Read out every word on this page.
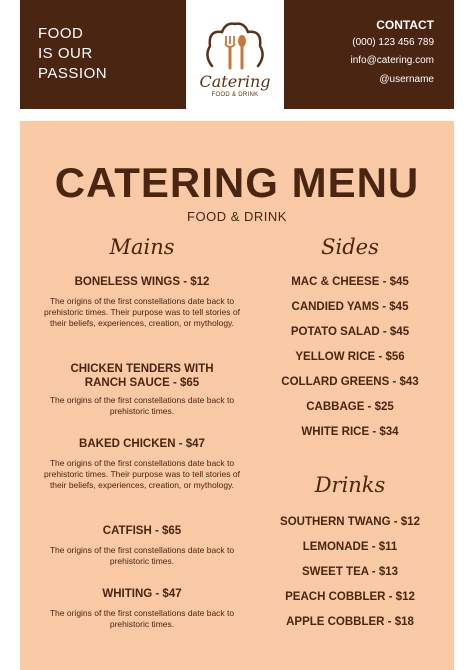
FOOD
IS OUR
PASSION	Catering
FOOD & DRINK
CONTACT
(000) 123 456 789
info@catering.com
@username
CATERING MENU
FOOD & DRINK
Mains
BONELESS WINGS - $12
The origins of the first constellations date back to prehistoric times. Their purpose was to tell stories of their beliefs, experiences, creation, or mythology.
CHICKEN TENDERS WITH
RANCH SAUCE - $65
The origins of the first constellations date back to prehistoric times.
BAKED CHICKEN - $47
The origins of the first constellations date back to prehistoric times. Their purpose was to tell stories of their beliefs, experiences, creation, or mythology.
CATFISH - $65
The origins of the first constellations date back to prehistoric times.
WHITING - $47
The origins of the first constellations date back to prehistoric times.
Sides
MAC & CHEESE - $45
CANDIED YAMS - $45
POTATO SALAD - $45
YELLOW RICE - $56
COLLARD GREENS - $43
CABBAGE - $25
WHITE RICE - $34
Drinks
SOUTHERN TWANG - $12
LEMONADE - $11
SWEET TEA - $13
PEACH COBBLER - $12
APPLE COBBLER - $18
